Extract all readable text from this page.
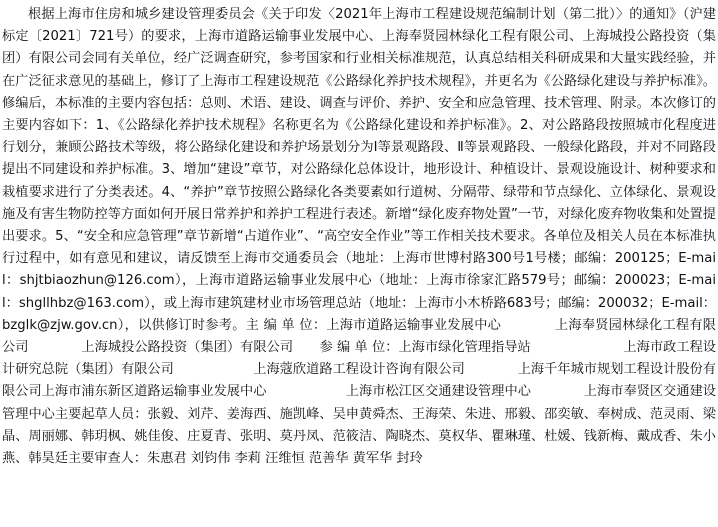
根据上海市住房和城乡建设管理委员会《关于印发〈2021年上海市工程建设规范编制计划（第二批）〉的通知》（沪建标定〔2021〕721号）的要求，上海市道路运输事业发展中心、上海奉贤园林绿化工程有限公司、上海城投公路投资（集团）有限公司会同有关单位，经广泛调查研究，参考国家和行业相关标准规范，认真总结相关科研成果和大量实践经验，并在广泛征求意见的基础上，修订了上海市工程建设规范《公路绿化养护技术规程》，并更名为《公路绿化建设与养护标准》。修编后，本标准的主要内容包括：总则、术语、建设、调查与评价、养护、安全和应急管理、技术管理、附录。本次修订的主要内容如下：1、《公路绿化养护技术规程》名称更名为《公路绿化建设和养护标准》。2、对公路路段按照城市化程度进行划分，兼顾公路技术等级，将公路绿化建设和养护场景划分为Ⅰ等景观路段、Ⅱ等景观路段、一般绿化路段，并对不同路段提出不同建设和养护标准。3、增加“建设”章节，对公路绿化总体设计，地形设计、种植设计、景观设施设计、树种要求和栽植要求进行了分类表述。4、“养护”章节按照公路绿化各类要素如行道树、分隔带、绿带和节点绿化、立体绿化、景观设施及有害生物防控等方面如何开展日常养护和养护工程进行表述。新增“绿化废弃物处置”一节，对绿化废弃物收集和处置提出要求。5、“安全和应急管理”章节新增“占道作业”、“高空安全作业”等工作相关技术要求。各单位及相关人员在本标准执行过程中，如有意见和建议，请反馈至上海市交通委员会（地址：上海市世博村路300号1号楼；邮编：200125；E-mail：shjtbiaozhun@126.com），上海市道路运输事业发展中心（地址：上海市徐家汇路579号；邮编：200023；E-mail：shgllhbz@163.com），或上海市建筑建材业市场管理总站（地址：上海市小木桥路683号；邮编：200032；E-mail：bzglk@zjw.gov.cn），以供修订时参考。主 编 单 位：上海市道路运输事业发展中心　　　　上海奉贤园林绿化工程有限公司　　　　上海城投公路投资（集团）有限公司　　参 编 单 位：上海市绿化管理指导站　　　　　　　上海市政工程设计研究总院（集团）有限公司　　　　　　上海蔻欣道路工程设计咨询有限公司　　　　上海千年城市规划工程设计股份有限公司上海市浦东新区道路运输事业发展中心　　　　　　上海市松江区交通建设管理中心　　　　上海市奉贤区交通建设管理中心主要起草人员：张毅、刘芹、姜海西、施凯峰、吴申黄舜杰、王海荣、朱进、邢毅、邵奕敏、奉树成、范灵雨、梁晶、周丽娜、韩玥枫、姚佳俊、庄夏青、张明、莫丹凤、范筱洁、陶晓杰、莫权华、瞿琳瑾、杜媛、钱新梅、戴成香、朱小燕、韩昊廷主要审查人：朱惠君 刘钧伟 李莉 汪维恒 范善华 黄军华 封玲
